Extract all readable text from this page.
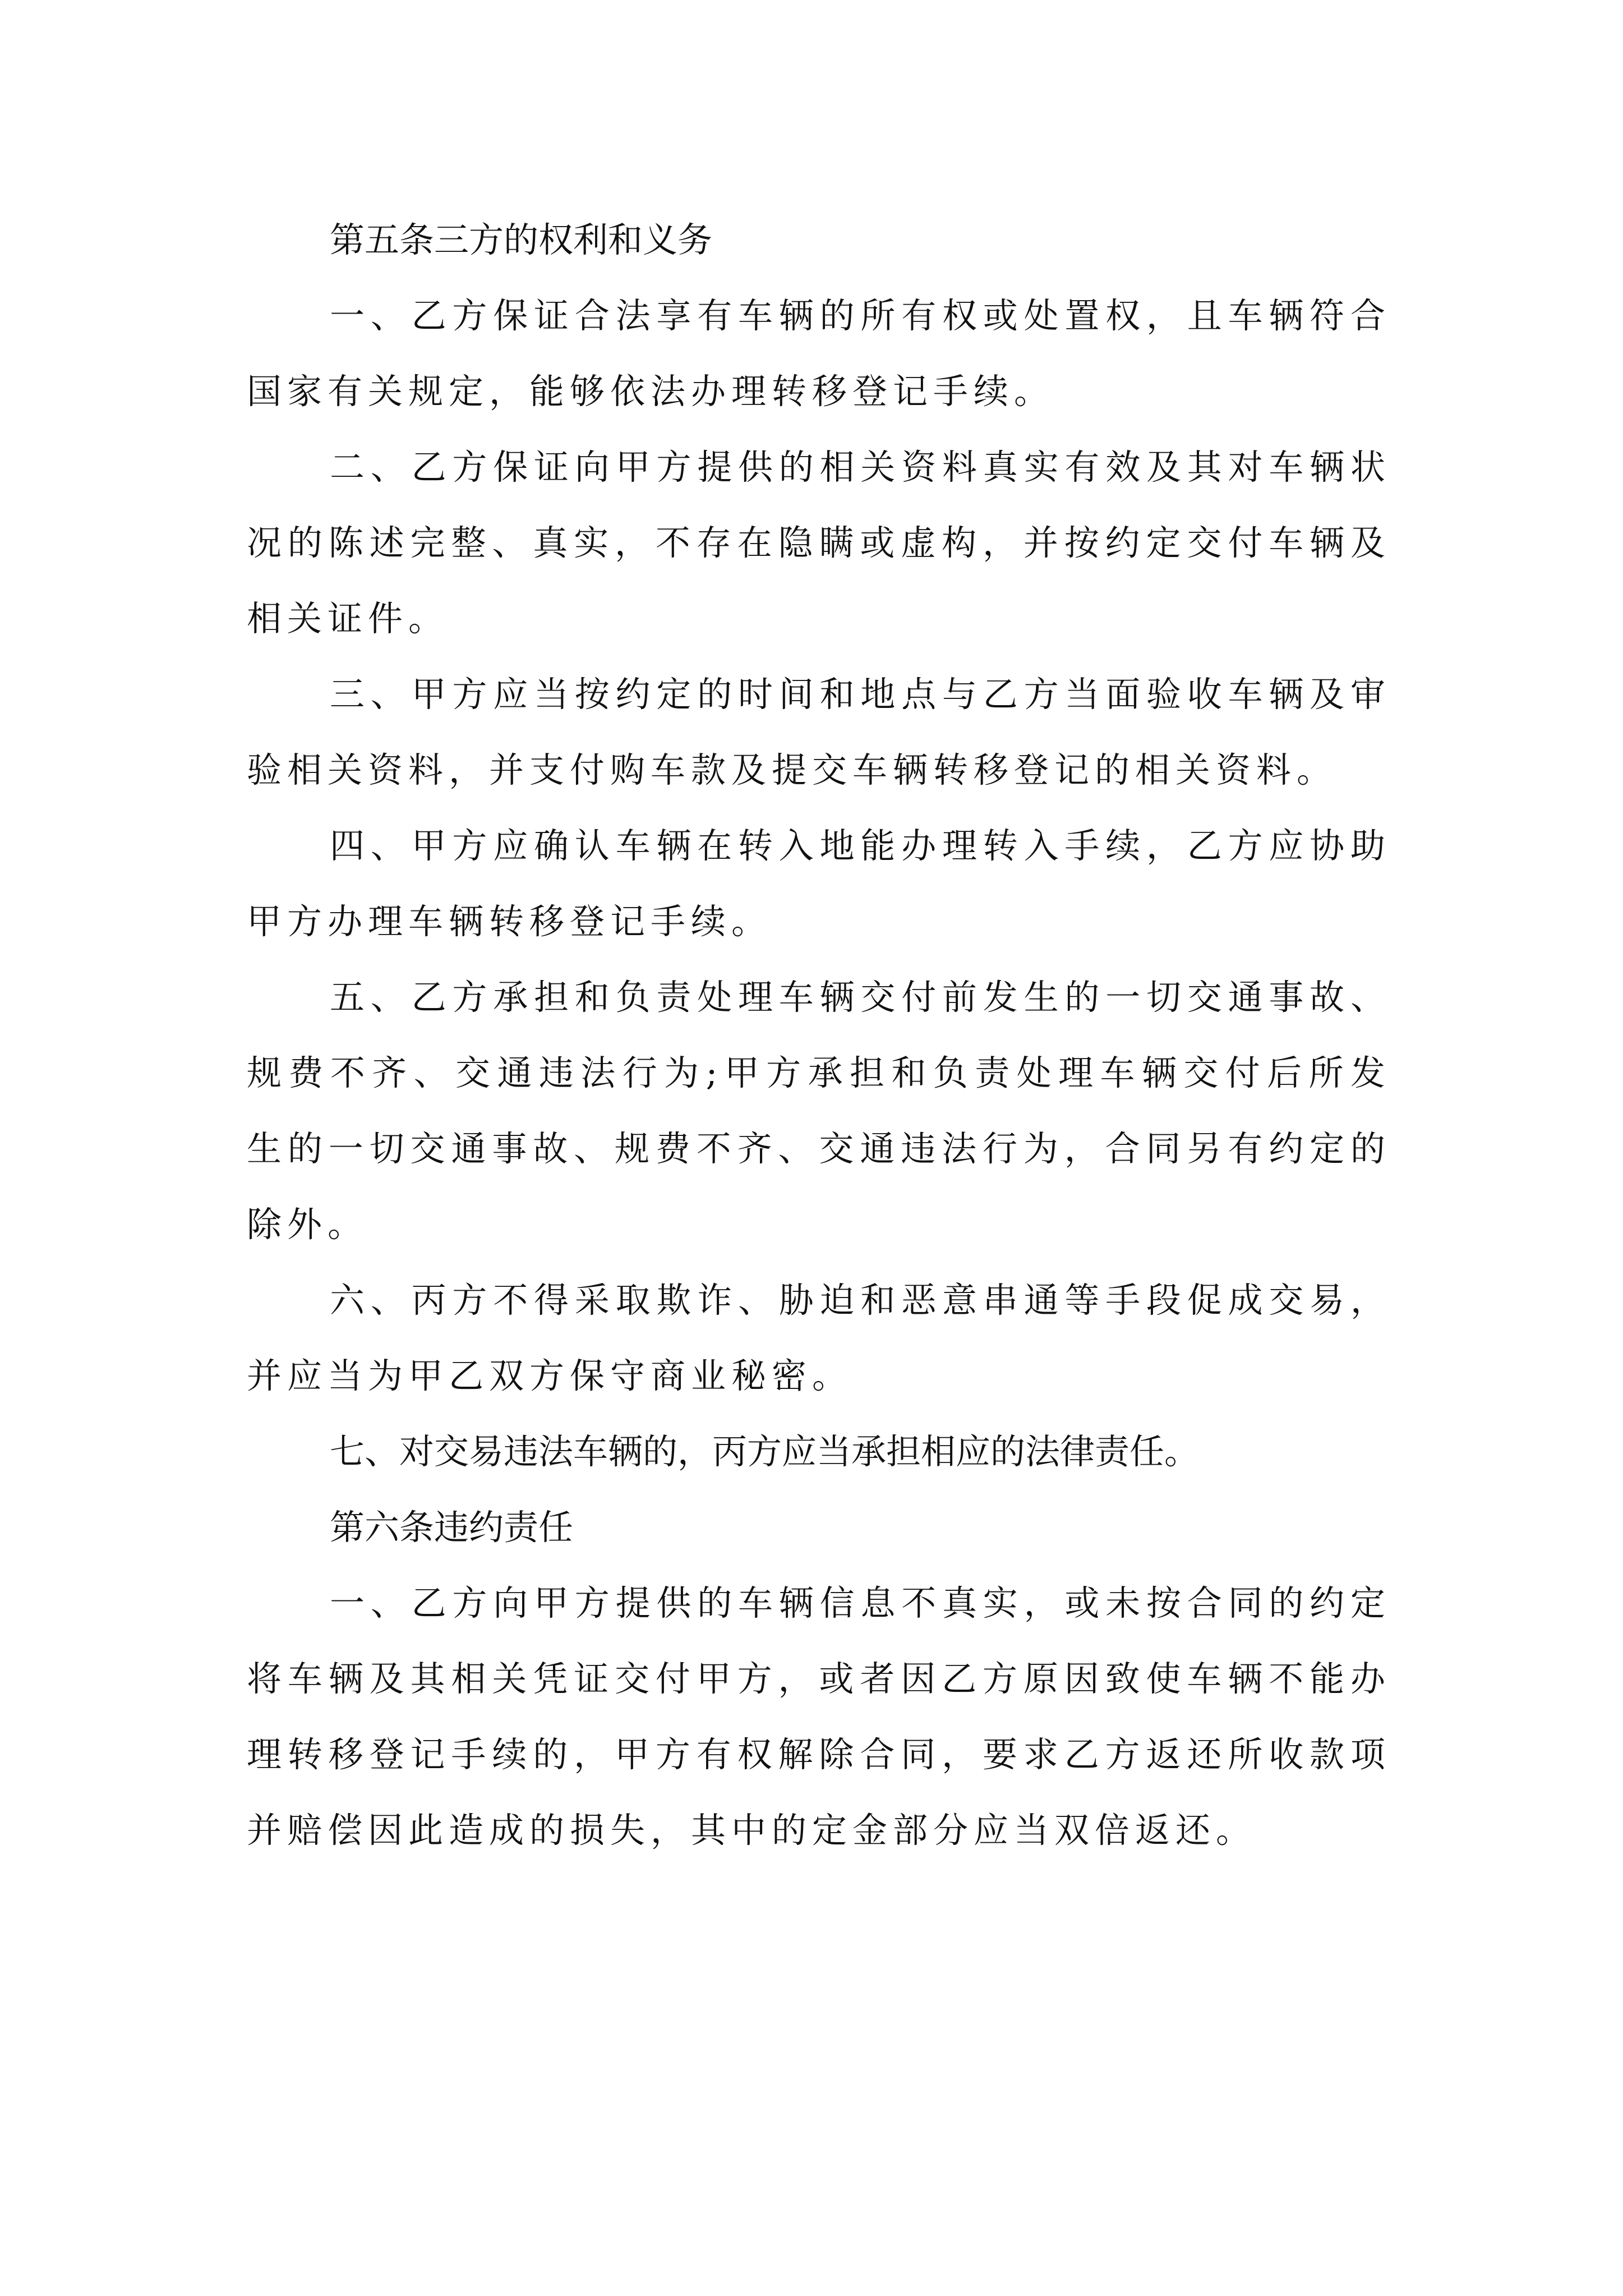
第五条三方的权利和义务

一、乙方保证合法享有车辆的所有权或处置权，且车辆符合国家有关规定，能够依法办理转移登记手续。

二、乙方保证向甲方提供的相关资料真实有效及其对车辆状况的陈述完整、真实，不存在隐瞒或虚构，并按约定交付车辆及相关证件。

三、甲方应当按约定的时间和地点与乙方当面验收车辆及审验相关资料，并支付购车款及提交车辆转移登记的相关资料。

四、甲方应确认车辆在转入地能办理转入手续，乙方应协助甲方办理车辆转移登记手续。

五、乙方承担和负责处理车辆交付前发生的一切交通事故、规费不齐、交通违法行为;甲方承担和负责处理车辆交付后所发生的一切交通事故、规费不齐、交通违法行为，合同另有约定的除外。

六、丙方不得采取欺诈、胁迫和恶意串通等手段促成交易，并应当为甲乙双方保守商业秘密。

七、对交易违法车辆的，丙方应当承担相应的法律责任。

第六条违约责任

一、乙方向甲方提供的车辆信息不真实，或未按合同的约定将车辆及其相关凭证交付甲方，或者因乙方原因致使车辆不能办理转移登记手续的，甲方有权解除合同，要求乙方返还所收款项并赔偿因此造成的损失，其中的定金部分应当双倍返还。
